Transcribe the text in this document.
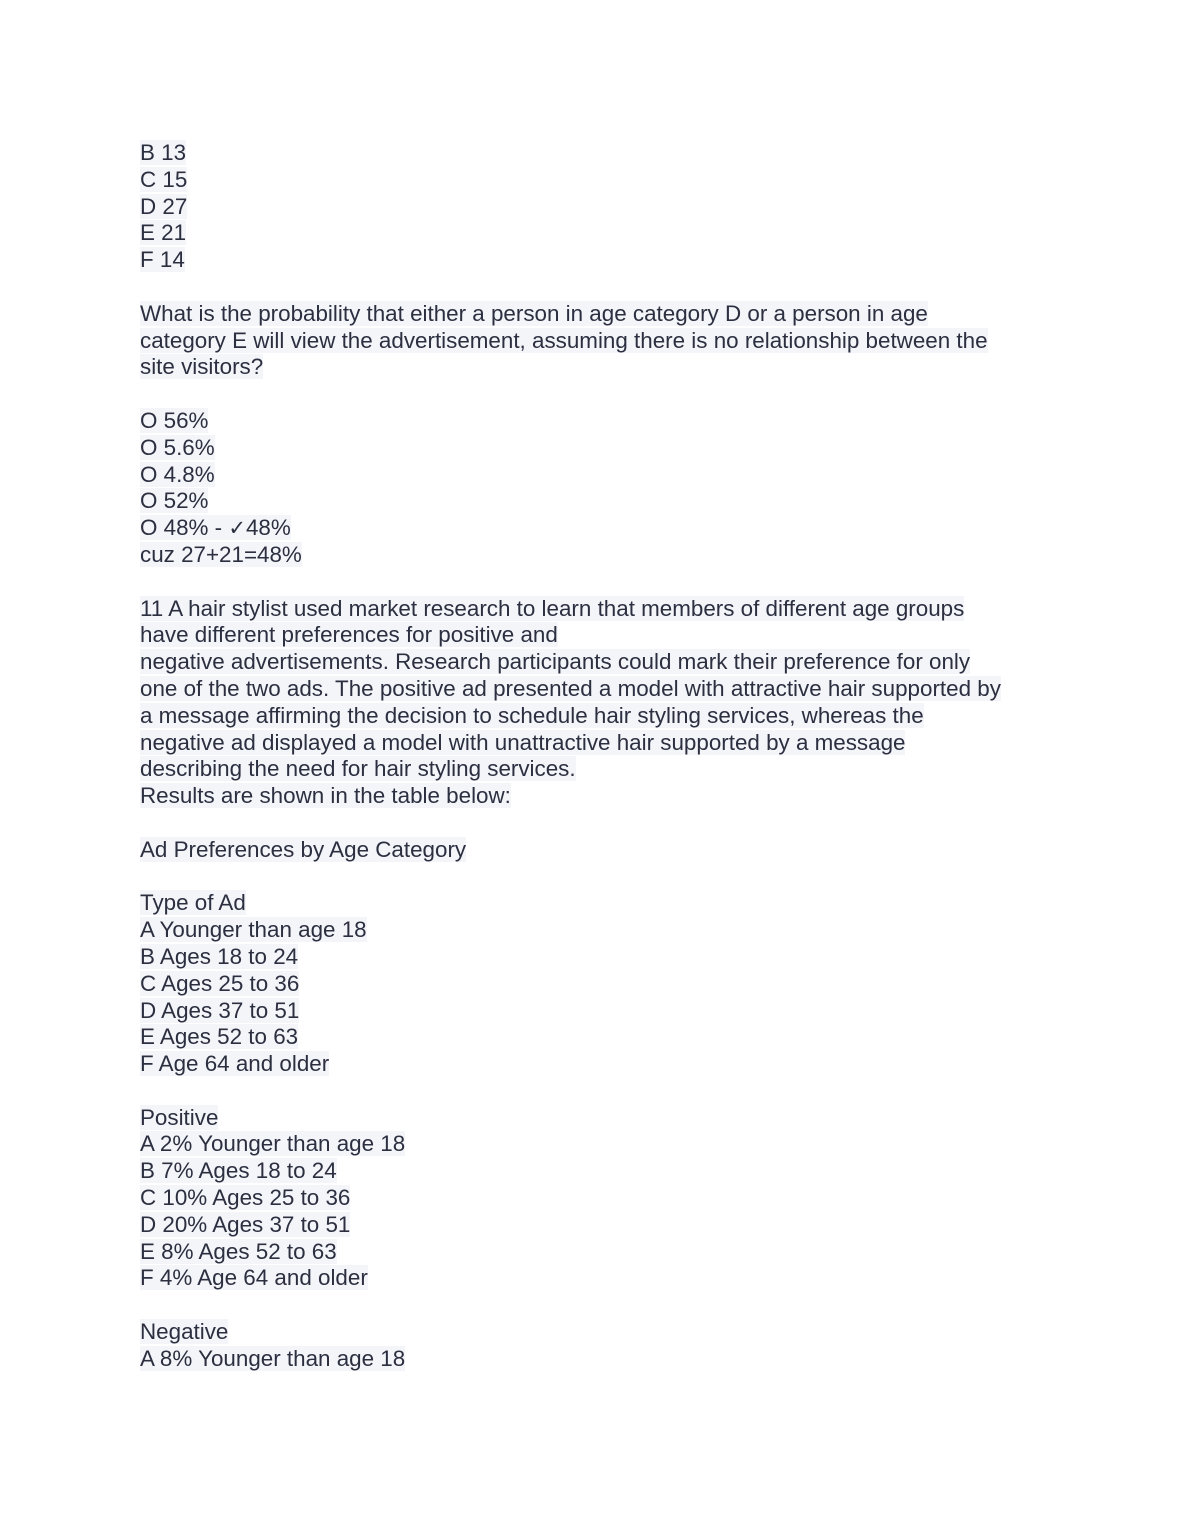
B 13
C 15
D 27
E 21
F 14
What is the probability that either a person in age category D or a person in age
category E will view the advertisement, assuming there is no relationship between the
site visitors?
O 56%
O 5.6%
O 4.8%
O 52%
O 48% - ✓48%
cuz 27+21=48%
11 A hair stylist used market research to learn that members of different age groups
have different preferences for positive and
negative advertisements. Research participants could mark their preference for only
one of the two ads. The positive ad presented a model with attractive hair supported by
a message affirming the decision to schedule hair styling services, whereas the
negative ad displayed a model with unattractive hair supported by a message
describing the need for hair styling services.
Results are shown in the table below:
Ad Preferences by Age Category
Type of Ad
A Younger than age 18
B Ages 18 to 24
C Ages 25 to 36
D Ages 37 to 51
E Ages 52 to 63
F Age 64 and older
Positive
A 2% Younger than age 18
B 7% Ages 18 to 24
C 10% Ages 25 to 36
D 20% Ages 37 to 51
E 8% Ages 52 to 63
F 4% Age 64 and older
Negative
A 8% Younger than age 18
